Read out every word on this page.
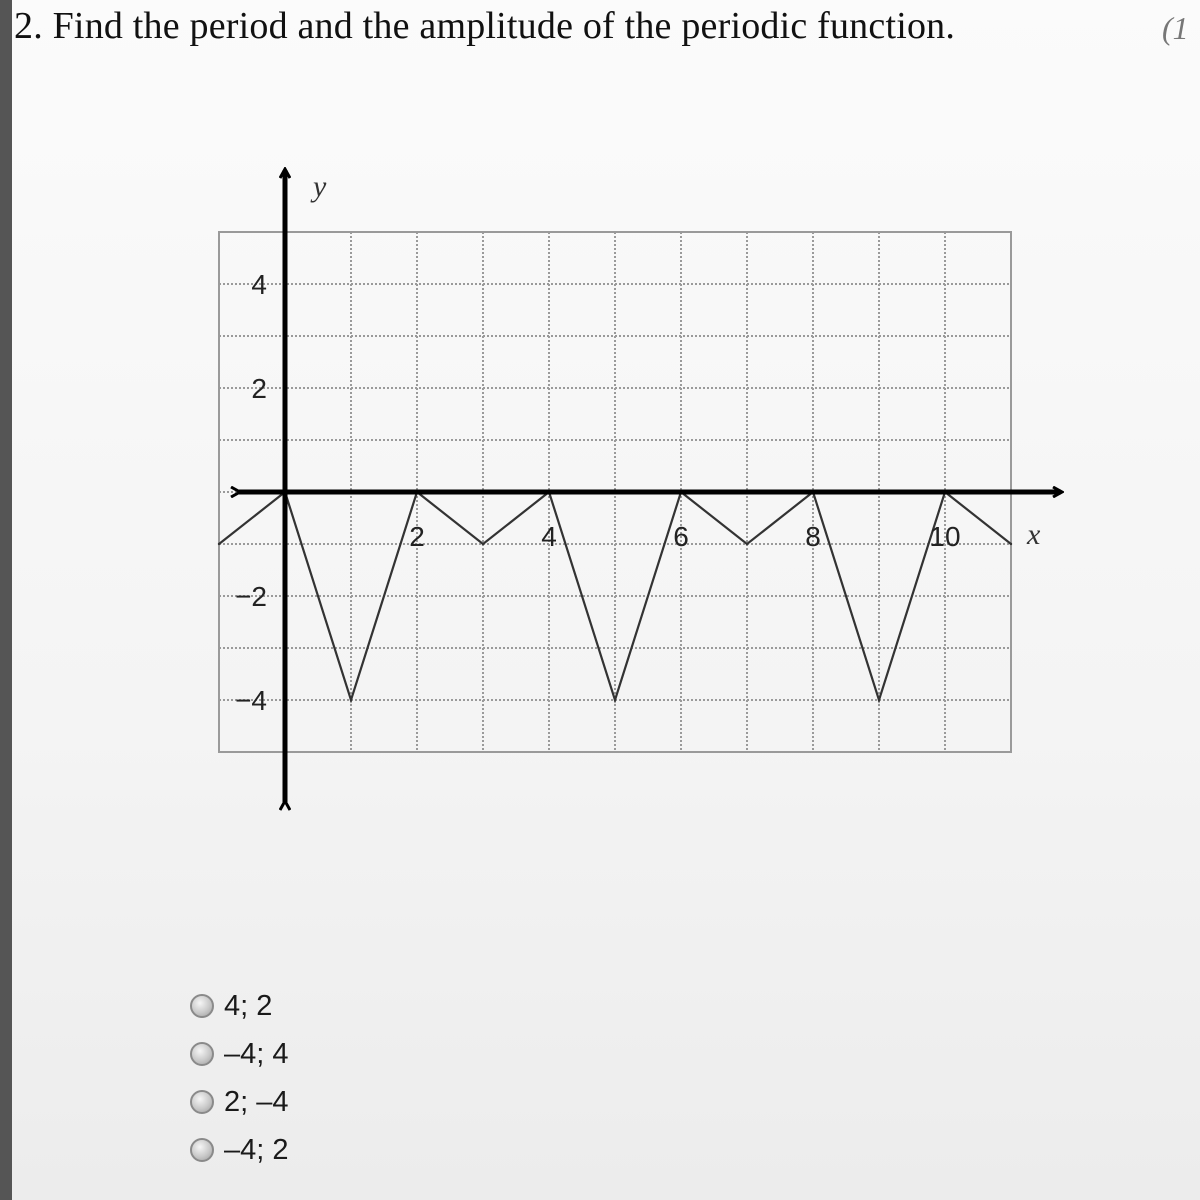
2. Find the period and the amplitude of the periodic function.	(1
x
y
2	4	6	8	10
4
2
−2
−4
4; 2
–4; 4
2; –4
–4; 2
